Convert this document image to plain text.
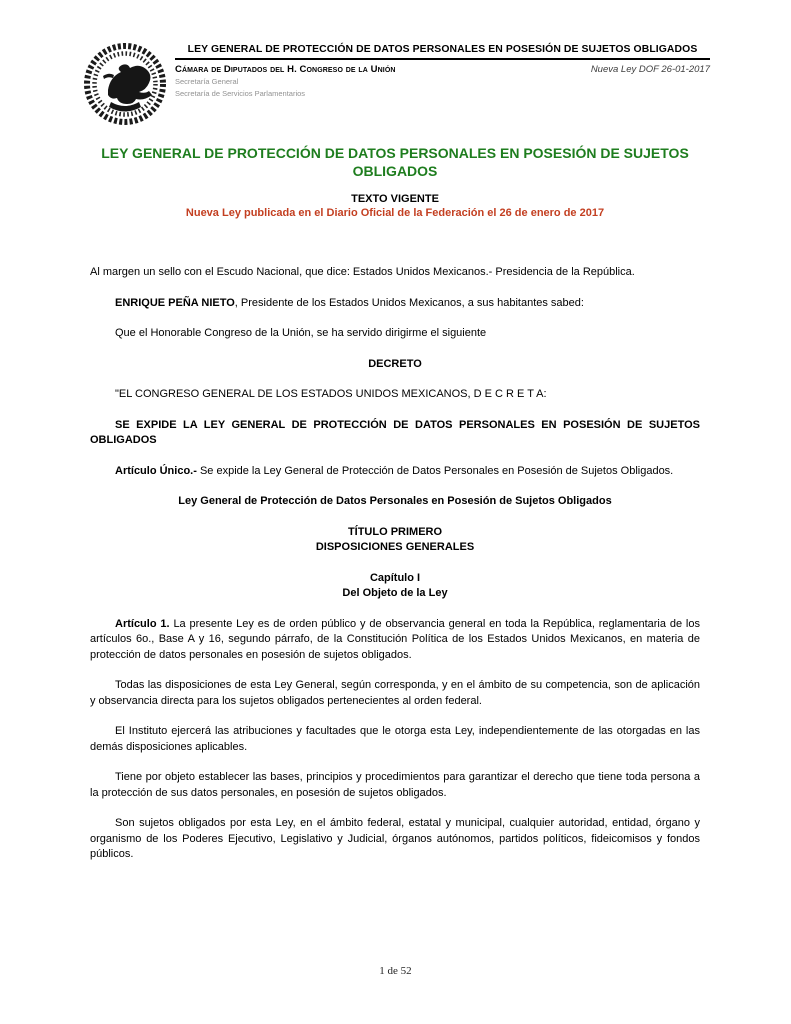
LEY GENERAL DE PROTECCIÓN DE DATOS PERSONALES EN POSESIÓN DE SUJETOS OBLIGADOS
Cámara de Diputados del H. Congreso de la Unión	Nueva Ley DOF 26-01-2017
Secretaría General
Secretaría de Servicios Parlamentarios
LEY GENERAL DE PROTECCIÓN DE DATOS PERSONALES EN POSESIÓN DE SUJETOS OBLIGADOS
TEXTO VIGENTE
Nueva Ley publicada en el Diario Oficial de la Federación el 26 de enero de 2017

Al margen un sello con el Escudo Nacional, que dice: Estados Unidos Mexicanos.- Presidencia de la República.

ENRIQUE PEÑA NIETO, Presidente de los Estados Unidos Mexicanos, a sus habitantes sabed:

Que el Honorable Congreso de la Unión, se ha servido dirigirme el siguiente

DECRETO

"EL CONGRESO GENERAL DE LOS ESTADOS UNIDOS MEXICANOS, D E C R E T A:

SE EXPIDE LA LEY GENERAL DE PROTECCIÓN DE DATOS PERSONALES EN POSESIÓN DE SUJETOS OBLIGADOS

Artículo Único.- Se expide la Ley General de Protección de Datos Personales en Posesión de Sujetos Obligados.

Ley General de Protección de Datos Personales en Posesión de Sujetos Obligados

TÍTULO PRIMERO

DISPOSICIONES GENERALES

Capítulo I

Del Objeto de la Ley

Artículo 1. La presente Ley es de orden público y de observancia general en toda la República, reglamentaria de los artículos 6o., Base A y 16, segundo párrafo, de la Constitución Política de los Estados Unidos Mexicanos, en materia de protección de datos personales en posesión de sujetos obligados.

Todas las disposiciones de esta Ley General, según corresponda, y en el ámbito de su competencia, son de aplicación y observancia directa para los sujetos obligados pertenecientes al orden federal.

El Instituto ejercerá las atribuciones y facultades que le otorga esta Ley, independientemente de las otorgadas en las demás disposiciones aplicables.

Tiene por objeto establecer las bases, principios y procedimientos para garantizar el derecho que tiene toda persona a la protección de sus datos personales, en posesión de sujetos obligados.

Son sujetos obligados por esta Ley, en el ámbito federal, estatal y municipal, cualquier autoridad, entidad, órgano y organismo de los Poderes Ejecutivo, Legislativo y Judicial, órganos autónomos, partidos políticos, fideicomisos y fondos públicos.

1 de 52
